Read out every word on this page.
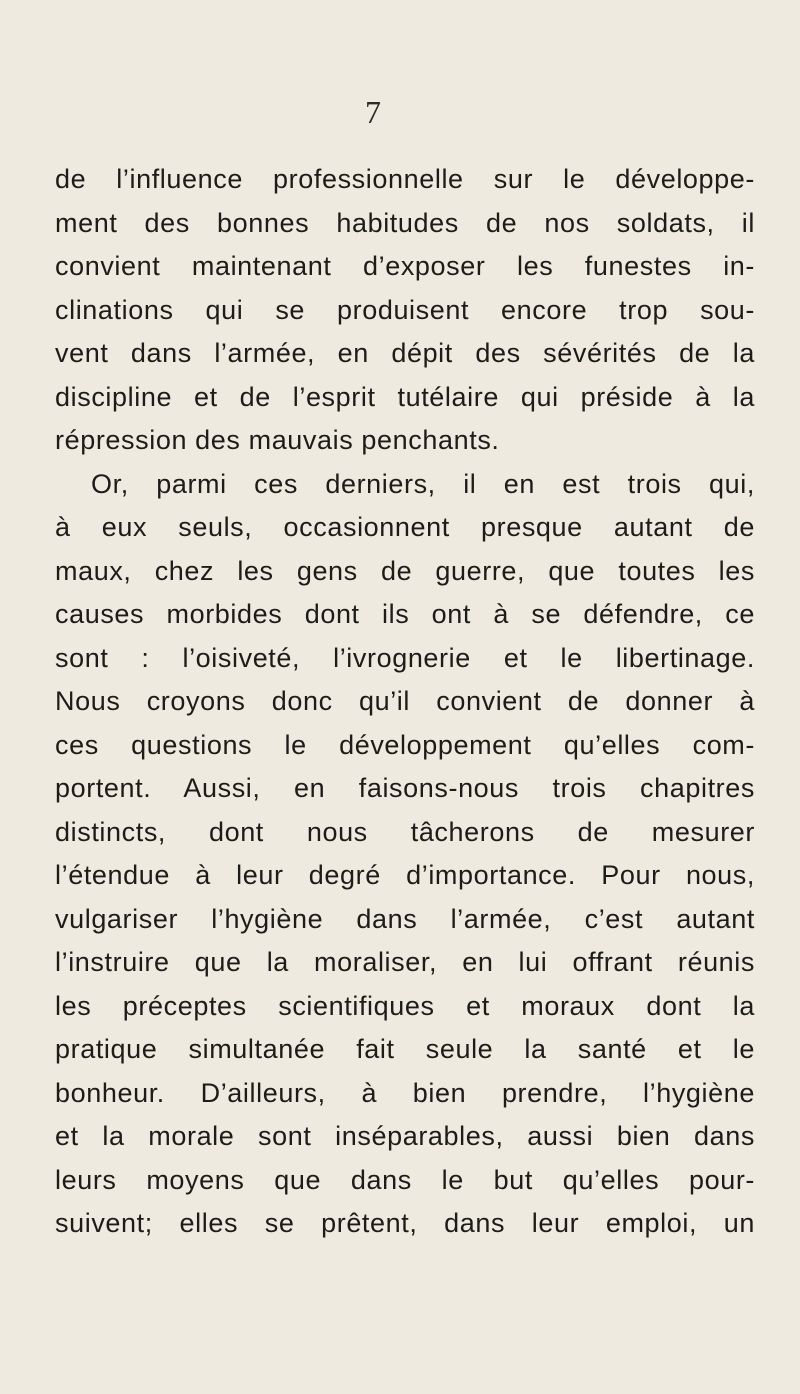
7
de l’influence professionnelle sur le développe-
ment des bonnes habitudes de nos soldats, il
convient maintenant d’exposer les funestes in-
clinations qui se produisent encore trop sou-
vent dans l’armée, en dépit des sévérités de la
discipline et de l’esprit tutélaire qui préside à la
répression des mauvais penchants.
Or, parmi ces derniers, il en est trois qui,
à eux seuls, occasionnent presque autant de
maux, chez les gens de guerre, que toutes les
causes morbides dont ils ont à se défendre, ce
sont : l’oisiveté, l’ivrognerie et le libertinage.
Nous croyons donc qu’il convient de donner à
ces questions le développement qu’elles com-
portent. Aussi, en faisons-nous trois chapitres
distincts, dont nous tâcherons de mesurer
l’étendue à leur degré d’importance. Pour nous,
vulgariser l’hygiène dans l’armée, c’est autant
l’instruire que la moraliser, en lui offrant réunis
les préceptes scientifiques et moraux dont la
pratique simultanée fait seule la santé et le
bonheur. D’ailleurs, à bien prendre, l’hygiène
et la morale sont inséparables, aussi bien dans
leurs moyens que dans le but qu’elles pour-
suivent; elles se prêtent, dans leur emploi, un
